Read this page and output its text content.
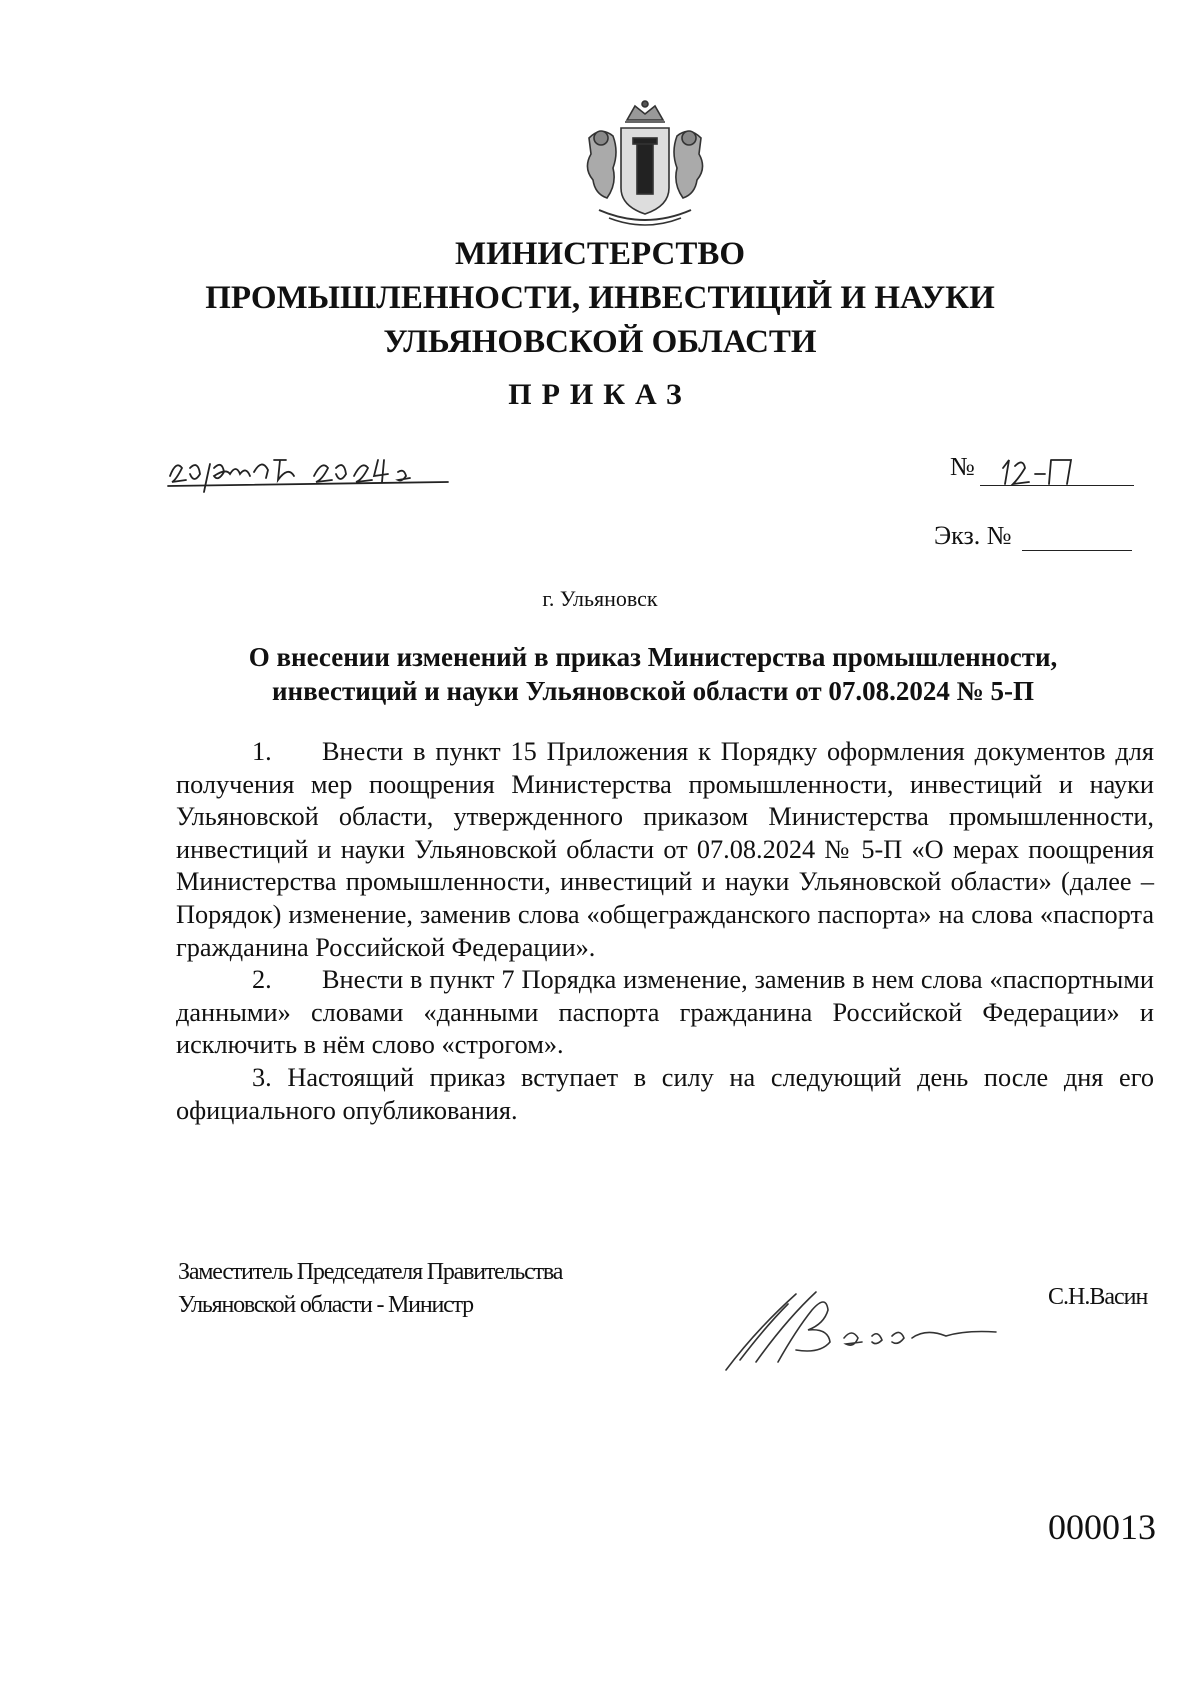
МИНИСТЕРСТВО
ПРОМЫШЛЕННОСТИ, ИНВЕСТИЦИЙ И НАУКИ
УЛЬЯНОВСКОЙ ОБЛАСТИ
ПРИКАЗ
№
Экз. №
г. Ульяновск
О внесении изменений в приказ Министерства промышленности,
инвестиций и науки Ульяновской области от 07.08.2024 № 5-П

1. Внести в пункт 15 Приложения к Порядку оформления документов для получения мер поощрения Министерства промышленности, инвестиций и науки Ульяновской области, утвержденного приказом Министерства промышленности, инвестиций и науки Ульяновской области от 07.08.2024 № 5-П «О мерах поощрения Министерства промышленности, инвестиций и науки Ульяновской области» (далее – Порядок) изменение, заменив слова «общегражданского паспорта» на слова «паспорта гражданина Российской Федерации».

2. Внести в пункт 7 Порядка изменение, заменив в нем слова «паспортными данными» словами «данными паспорта гражданина Российской Федерации» и исключить в нём слово «строгом».

3. Настоящий приказ вступает в силу на следующий день после дня его официального опубликования.

Заместитель Председателя Правительства
Ульяновской области - Министр	С.Н.Васин
000013
